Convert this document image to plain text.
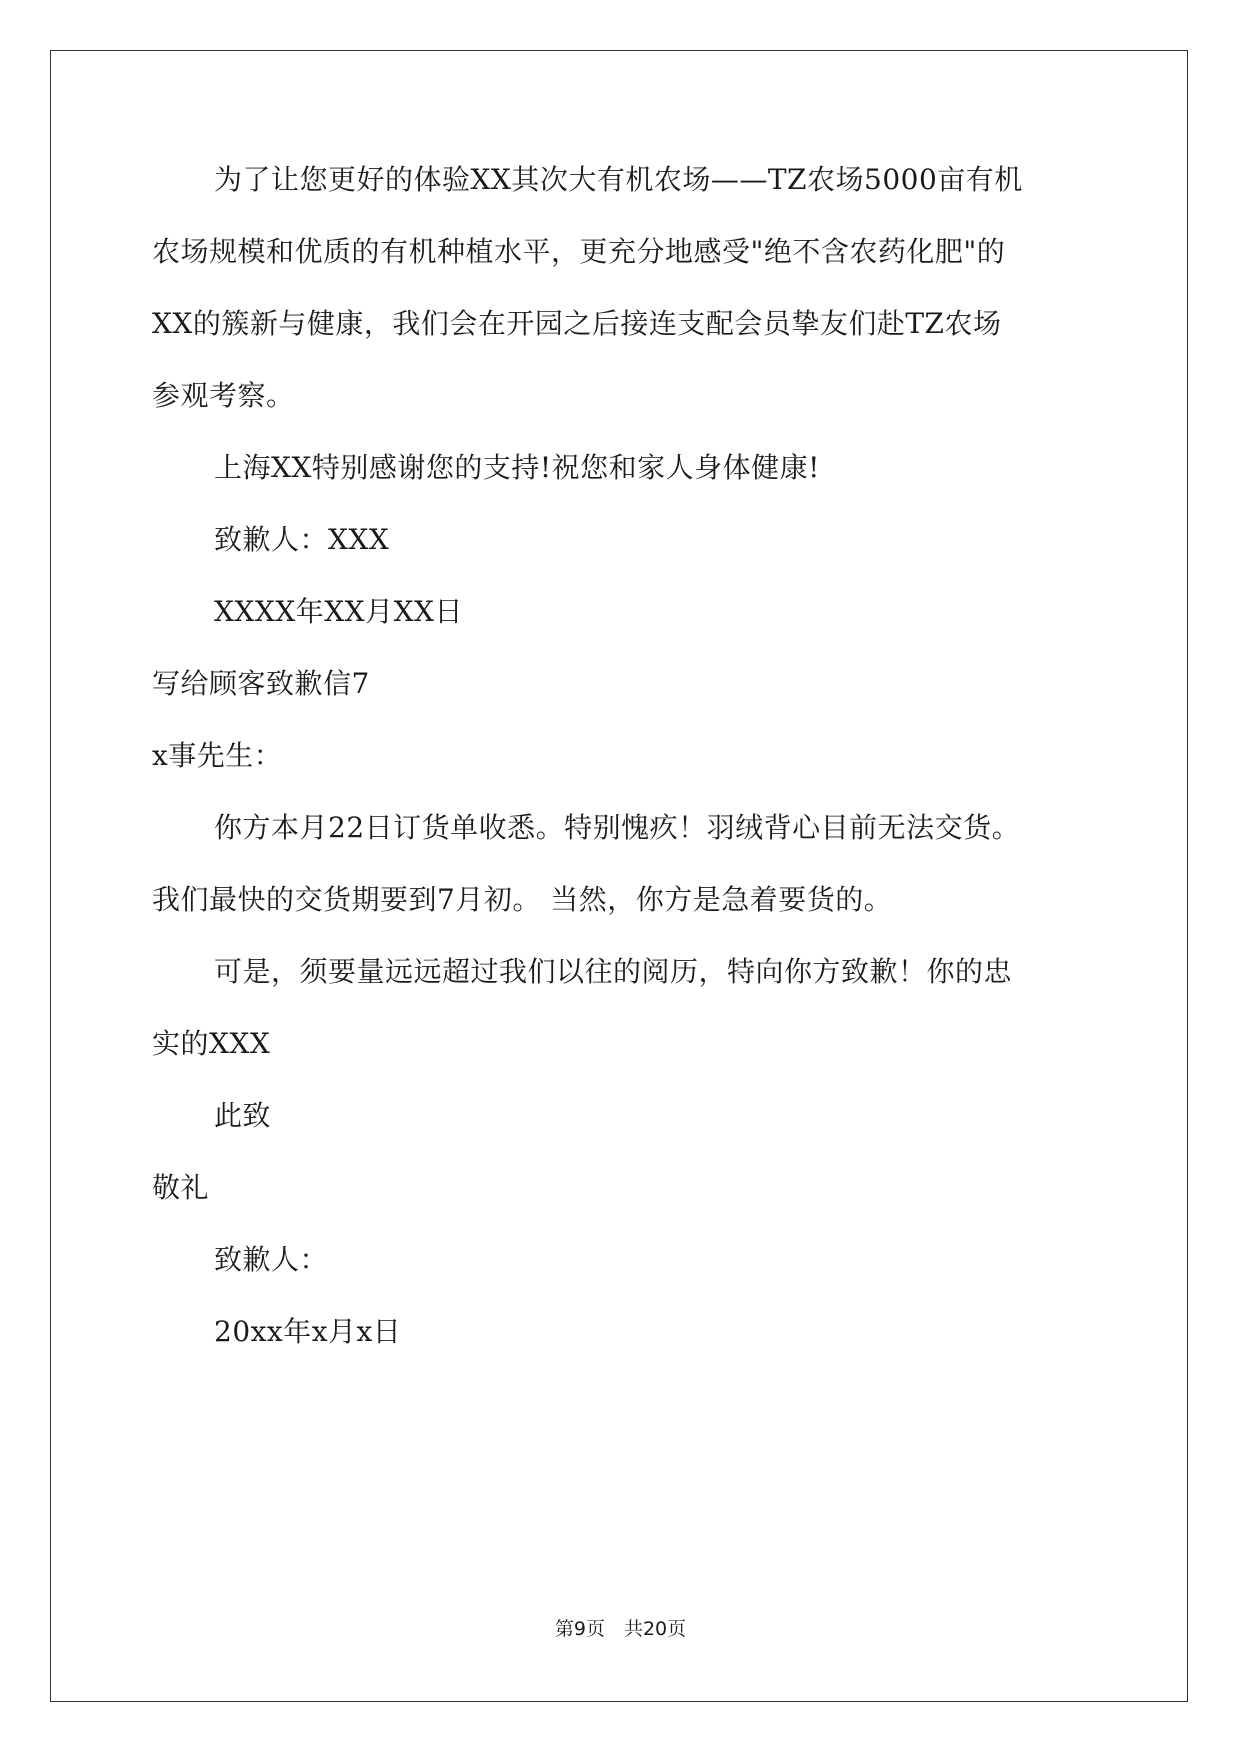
为了让您更好的体验XX其次大有机农场——TZ农场5000亩有机
农场规模和优质的有机种植水平，更充分地感受"绝不含农药化肥"的
XX的簇新与健康，我们会在开园之后接连支配会员挚友们赴TZ农场
参观考察。
上海XX特别感谢您的支持!祝您和家人身体健康!
致歉人：XXX
XXXX年XX月XX日
写给顾客致歉信7
x事先生：
你方本月22日订货单收悉。特别愧疚！羽绒背心目前无法交货。
我们最快的交货期要到7月初。 当然，你方是急着要货的。
可是，须要量远远超过我们以往的阅历，特向你方致歉！你的忠
实的XXX
此致
敬礼
致歉人：
20xx年x月x日
第9页　共20页
